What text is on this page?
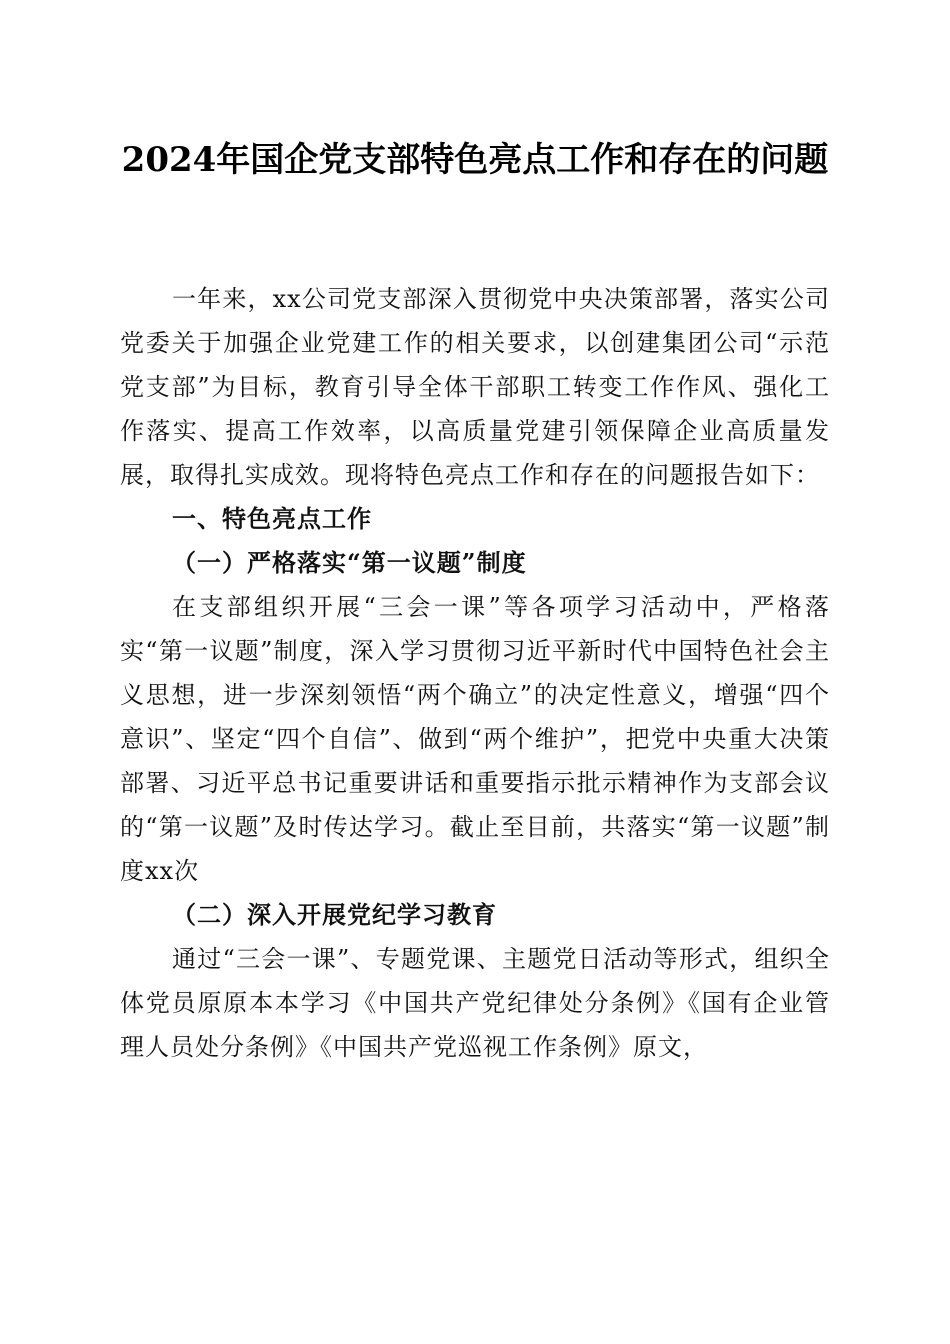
2024年国企党支部特色亮点工作和存在的问题

一年来，xx公司党支部深入贯彻党中央决策部署，落实公司党委关于加强企业党建工作的相关要求，以创建集团公司“示范党支部”为目标，教育引导全体干部职工转变工作作风、强化工作落实、提高工作效率，以高质量党建引领保障企业高质量发展，取得扎实成效。现将特色亮点工作和存在的问题报告如下：

一、特色亮点工作

（一）严格落实“第一议题”制度

在支部组织开展“三会一课”等各项学习活动中，严格落实“第一议题”制度，深入学习贯彻习近平新时代中国特色社会主义思想，进一步深刻领悟“两个确立”的决定性意义，增强“四个意识”、坚定“四个自信”、做到“两个维护”，把党中央重大决策部署、习近平总书记重要讲话和重要指示批示精神作为支部会议的“第一议题”及时传达学习。截止至目前，共落实“第一议题”制度xx次

（二）深入开展党纪学习教育

通过“三会一课”、专题党课、主题党日活动等形式，组织全体党员原原本本学习《中国共产党纪律处分条例》《国有企业管理人员处分条例》《中国共产党巡视工作条例》原文，
